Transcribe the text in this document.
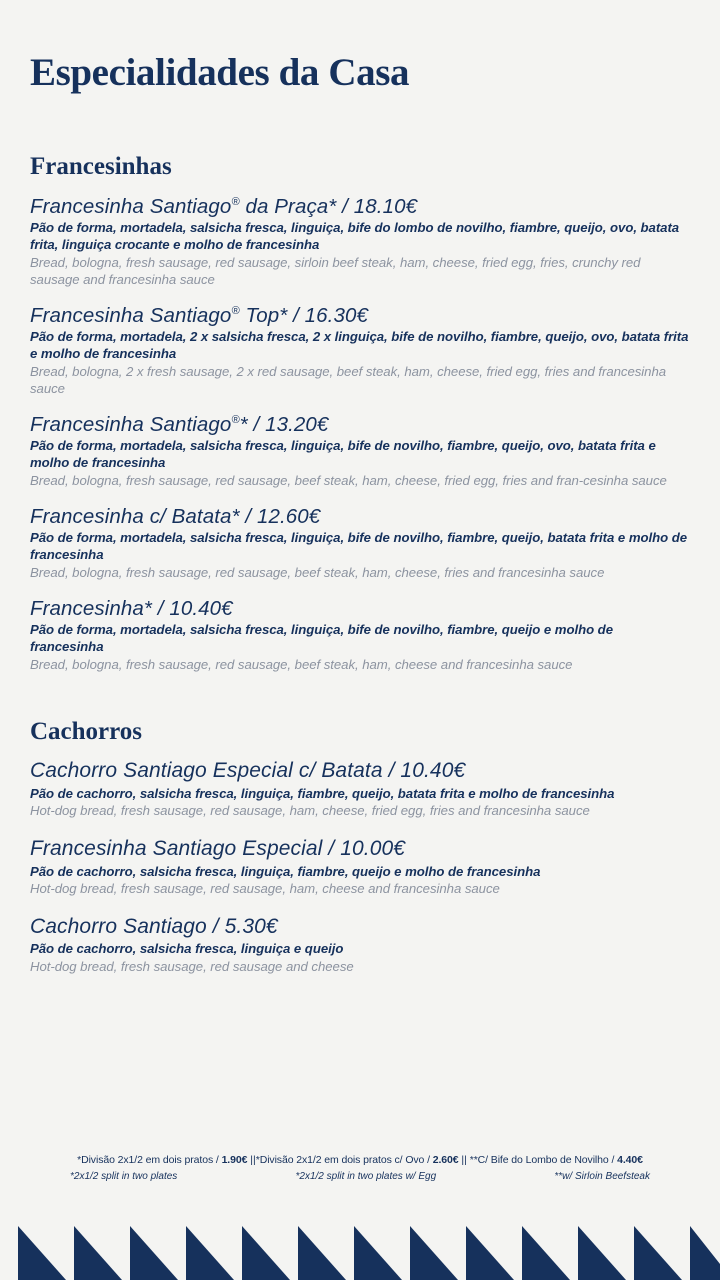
Especialidades da Casa
Francesinhas
Francesinha Santiago® da Praça* / 18.10€
Pão de forma, mortadela, salsicha fresca, linguiça, bife do lombo de novilho, fiambre, queijo, ovo, batata frita, linguiça crocante e molho de francesinha
Bread, bologna, fresh sausage, red sausage, sirloin beef steak, ham, cheese, fried egg, fries, crunchy red sausage and francesinha sauce
Francesinha Santiago® Top* / 16.30€
Pão de forma, mortadela, 2 x salsicha fresca, 2 x linguiça, bife de novilho, fiambre, queijo, ovo, batata frita e molho de francesinha
Bread, bologna, 2 x fresh sausage, 2 x red sausage, beef steak, ham, cheese, fried egg, fries and francesinha sauce
Francesinha Santiago®* / 13.20€
Pão de forma, mortadela, salsicha fresca, linguiça, bife de novilho, fiambre, queijo, ovo, batata frita e molho de francesinha
Bread, bologna, fresh sausage, red sausage, beef steak, ham, cheese, fried egg, fries and fran-cesinha sauce
Francesinha c/ Batata* / 12.60€
Pão de forma, mortadela, salsicha fresca, linguiça, bife de novilho, fiambre, queijo, batata frita e molho de francesinha
Bread, bologna, fresh sausage, red sausage, beef steak, ham, cheese, fries and francesinha sauce
Francesinha* / 10.40€
Pão de forma, mortadela, salsicha fresca, linguiça, bife de novilho, fiambre, queijo e molho de francesinha
Bread, bologna, fresh sausage, red sausage, beef steak, ham, cheese and francesinha sauce
Cachorros
Cachorro Santiago Especial c/ Batata / 10.40€
Pão de cachorro, salsicha fresca, linguiça, fiambre, queijo, batata frita e molho de francesinha
Hot-dog bread, fresh sausage, red sausage, ham, cheese, fried egg, fries and francesinha sauce
Francesinha Santiago Especial / 10.00€
Pão de cachorro, salsicha fresca, linguiça, fiambre, queijo e molho de francesinha
Hot-dog bread, fresh sausage, red sausage, ham, cheese and francesinha sauce
Cachorro Santiago / 5.30€
Pão de cachorro, salsicha fresca, linguiça e queijo
Hot-dog bread, fresh sausage, red sausage and cheese
*Divisão 2x1/2 em dois pratos / 1.90€ ||*Divisão 2x1/2 em dois pratos c/ Ovo / 2.60€ || **C/ Bife do Lombo de Novilho / 4.40€
*2x1/2 split in two plates	*2x1/2 split in two plates w/ Egg	**w/ Sirloin Beefsteak
